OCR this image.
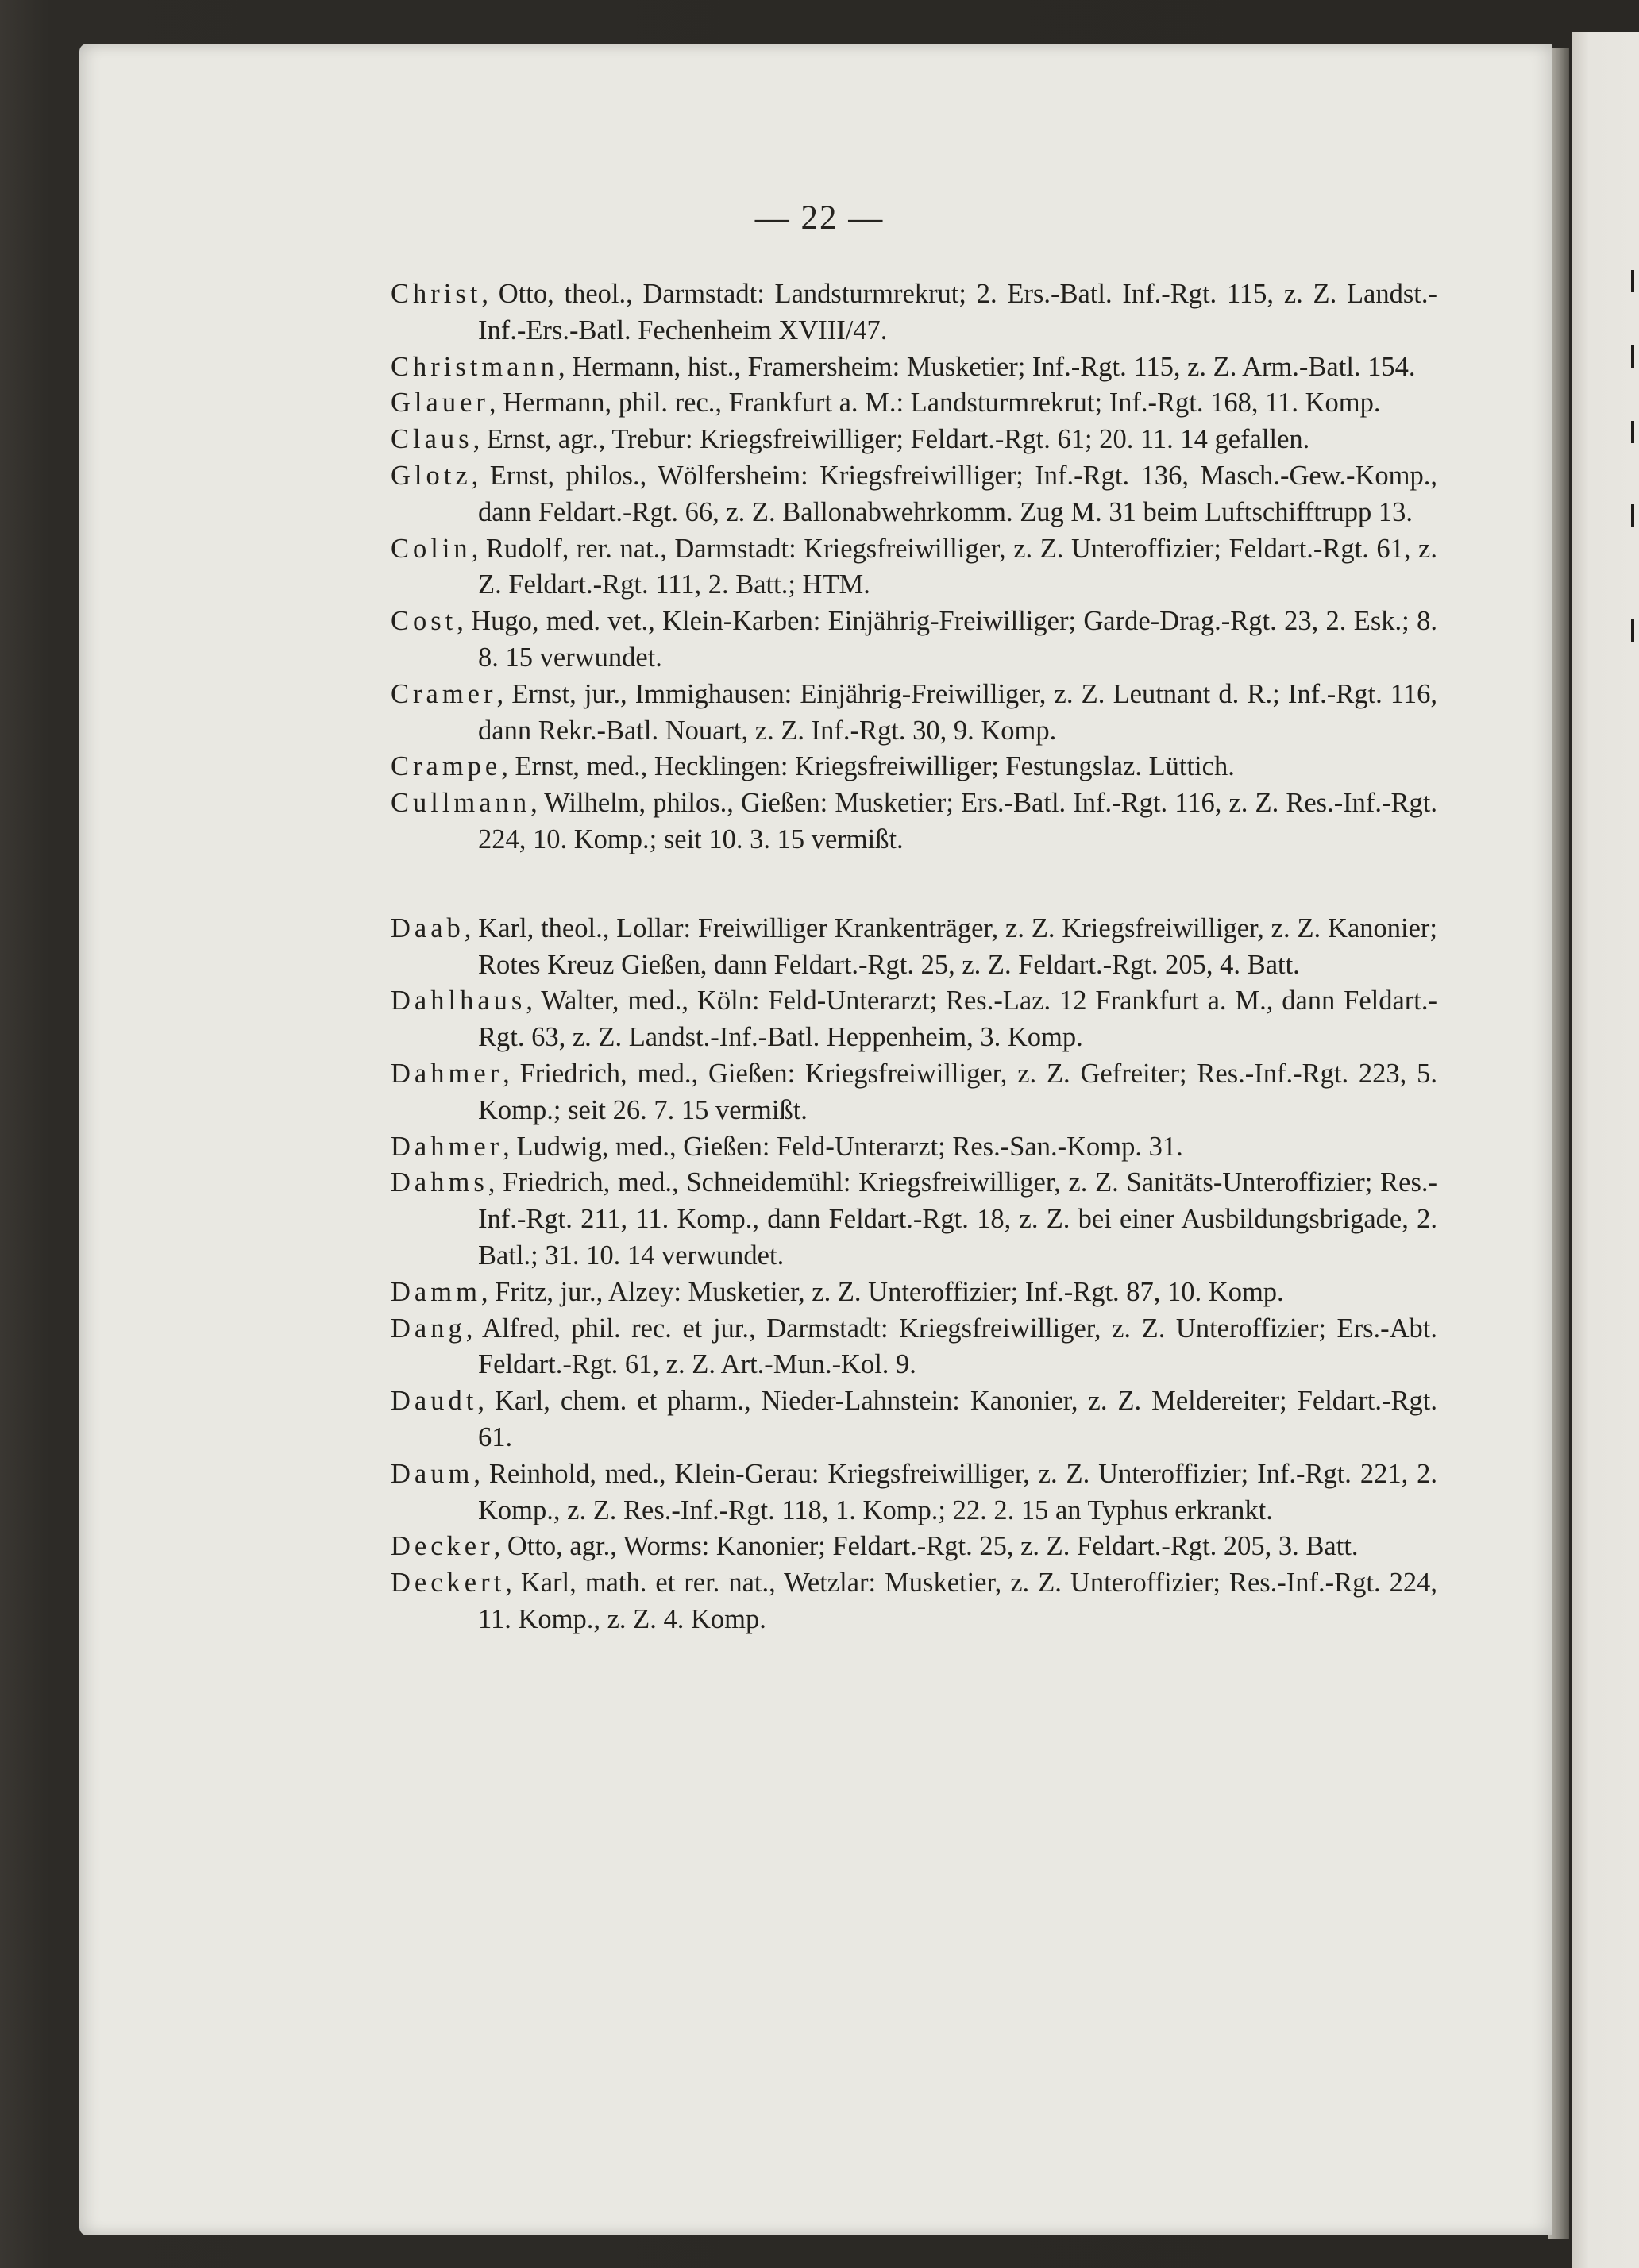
— 22 —

Christ, Otto, theol., Darmstadt: Landsturmrekrut; 2. Ers.-Batl. Inf.-Rgt. 115, z. Z. Landst.-Inf.-Ers.-Batl. Fechenheim XVIII/47.

Christmann, Hermann, hist., Framersheim: Musketier; Inf.-Rgt. 115, z. Z. Arm.-Batl. 154.

Glauer, Hermann, phil. rec., Frankfurt a. M.: Landsturmrekrut; Inf.-Rgt. 168, 11. Komp.

Claus, Ernst, agr., Trebur: Kriegsfreiwilliger; Feldart.-Rgt. 61; 20. 11. 14 gefallen.

Glotz, Ernst, philos., Wölfersheim: Kriegsfreiwilliger; Inf.-Rgt. 136, Masch.-Gew.-Komp., dann Feldart.-Rgt. 66, z. Z. Ballonabwehrkomm. Zug M. 31 beim Luftschifftrupp 13.

Colin, Rudolf, rer. nat., Darmstadt: Kriegsfreiwilliger, z. Z. Unteroffizier; Feldart.-Rgt. 61, z. Z. Feldart.-Rgt. 111, 2. Batt.; HTM.

Cost, Hugo, med. vet., Klein-Karben: Einjährig-Freiwilliger; Garde-Drag.-Rgt. 23, 2. Esk.; 8. 8. 15 verwundet.

Cramer, Ernst, jur., Immighausen: Einjährig-Freiwilliger, z. Z. Leutnant d. R.; Inf.-Rgt. 116, dann Rekr.-Batl. Nouart, z. Z. Inf.-Rgt. 30, 9. Komp.

Crampe, Ernst, med., Hecklingen: Kriegsfreiwilliger; Festungslaz. Lüttich.

Cullmann, Wilhelm, philos., Gießen: Musketier; Ers.-Batl. Inf.-Rgt. 116, z. Z. Res.-Inf.-Rgt. 224, 10. Komp.; seit 10. 3. 15 vermißt.

Daab, Karl, theol., Lollar: Freiwilliger Krankenträger, z. Z. Kriegsfreiwilliger, z. Z. Kanonier; Rotes Kreuz Gießen, dann Feldart.-Rgt. 25, z. Z. Feldart.-Rgt. 205, 4. Batt.

Dahlhaus, Walter, med., Köln: Feld-Unterarzt; Res.-Laz. 12 Frankfurt a. M., dann Feldart.-Rgt. 63, z. Z. Landst.-Inf.-Batl. Heppenheim, 3. Komp.

Dahmer, Friedrich, med., Gießen: Kriegsfreiwilliger, z. Z. Gefreiter; Res.-Inf.-Rgt. 223, 5. Komp.; seit 26. 7. 15 vermißt.

Dahmer, Ludwig, med., Gießen: Feld-Unterarzt; Res.-San.-Komp. 31.

Dahms, Friedrich, med., Schneidemühl: Kriegsfreiwilliger, z. Z. Sanitäts-Unteroffizier; Res.-Inf.-Rgt. 211, 11. Komp., dann Feldart.-Rgt. 18, z. Z. bei einer Ausbildungsbrigade, 2. Batl.; 31. 10. 14 verwundet.

Damm, Fritz, jur., Alzey: Musketier, z. Z. Unteroffizier; Inf.-Rgt. 87, 10. Komp.

Dang, Alfred, phil. rec. et jur., Darmstadt: Kriegsfreiwilliger, z. Z. Unteroffizier; Ers.-Abt. Feldart.-Rgt. 61, z. Z. Art.-Mun.-Kol. 9.

Daudt, Karl, chem. et pharm., Nieder-Lahnstein: Kanonier, z. Z. Meldereiter; Feldart.-Rgt. 61.

Daum, Reinhold, med., Klein-Gerau: Kriegsfreiwilliger, z. Z. Unteroffizier; Inf.-Rgt. 221, 2. Komp., z. Z. Res.-Inf.-Rgt. 118, 1. Komp.; 22. 2. 15 an Typhus erkrankt.

Decker, Otto, agr., Worms: Kanonier; Feldart.-Rgt. 25, z. Z. Feldart.-Rgt. 205, 3. Batt.

Deckert, Karl, math. et rer. nat., Wetzlar: Musketier, z. Z. Unteroffizier; Res.-Inf.-Rgt. 224, 11. Komp., z. Z. 4. Komp.
